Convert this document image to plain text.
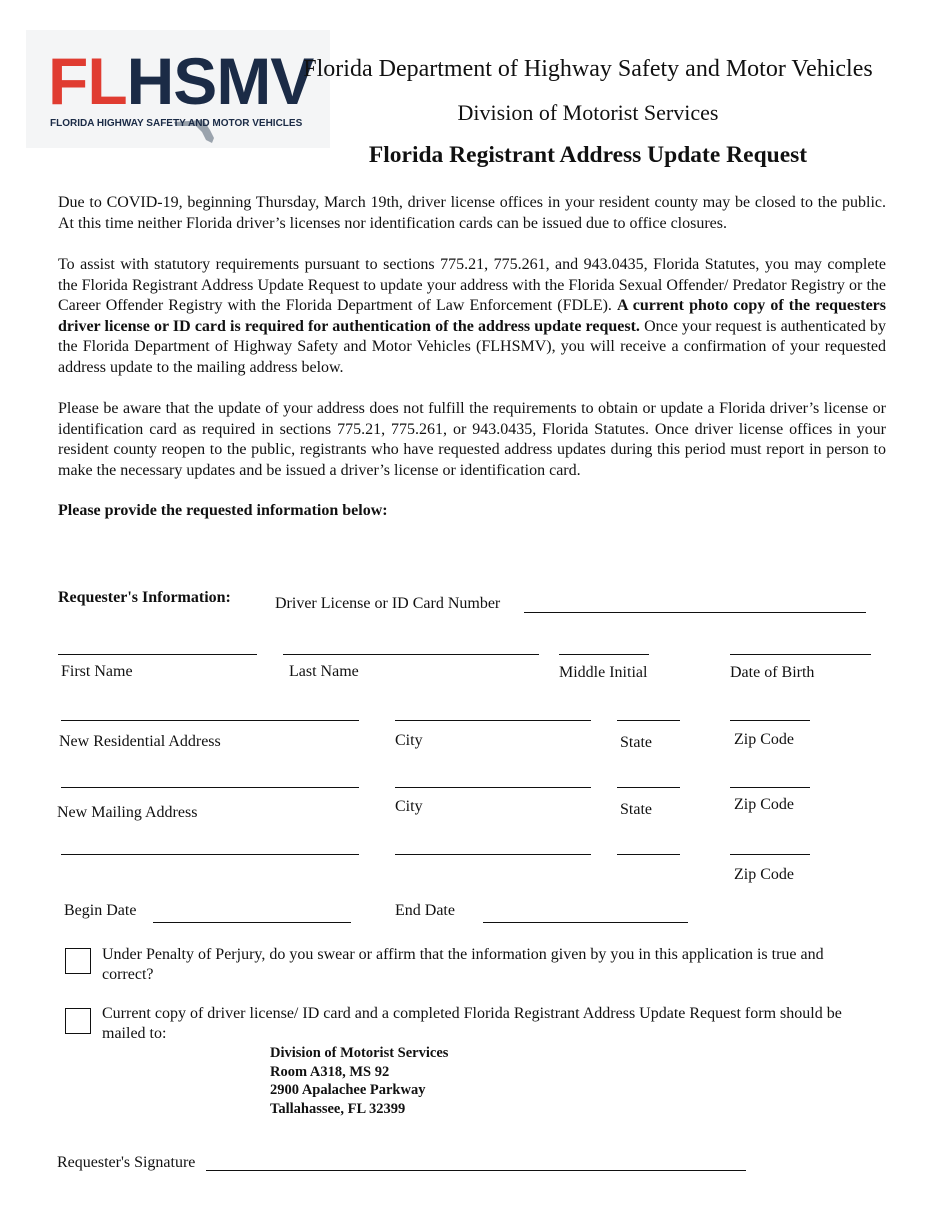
FLHSMV
FLORIDA HIGHWAY SAFETY AND MOTOR VEHICLES
Florida Department of Highway Safety and Motor Vehicles
Division of Motorist Services
Florida Registrant Address Update Request
Due to COVID-19, beginning Thursday, March 19th, driver license offices in your resident county may be closed to the public. At this time neither Florida driver’s licenses nor identification cards can be issued due to office closures.
To assist with statutory requirements pursuant to sections 775.21, 775.261, and 943.0435, Florida Statutes, you may complete the Florida Registrant Address Update Request to update your address with the Florida Sexual Offender/ Predator Registry or the Career Offender Registry with the Florida Department of Law Enforcement (FDLE). A current photo copy of the requesters driver license or ID card is required for authentication of the address update request. Once your request is authenticated by the Florida Department of Highway Safety and Motor Vehicles (FLHSMV), you will receive a confirmation of your requested address update to the mailing address below.
Please be aware that the update of your address does not fulfill the requirements to obtain or update a Florida driver’s license or identification card as required in sections 775.21, 775.261, or 943.0435, Florida Statutes. Once driver license offices in your resident county reopen to the public, registrants who have requested address updates during this period must report in person to make the necessary updates and be issued a driver’s license or identification card.
Please provide the requested information below:
Requester's Information:	Driver License or ID Card Number
First Name	Last Name	Middle Initial	Date of Birth
New Residential Address	City	State	Zip Code
New Mailing Address	City	State	Zip Code
Zip Code
Begin Date	End Date
Under Penalty of Perjury, do you swear or affirm that the information given by you in this application is true and correct?
Current copy of driver license/ ID card and a completed Florida Registrant Address Update Request form should be mailed to:
Division of Motorist Services
Room A318, MS 92
2900 Apalachee Parkway
Tallahassee, FL 32399
Requester's Signature
